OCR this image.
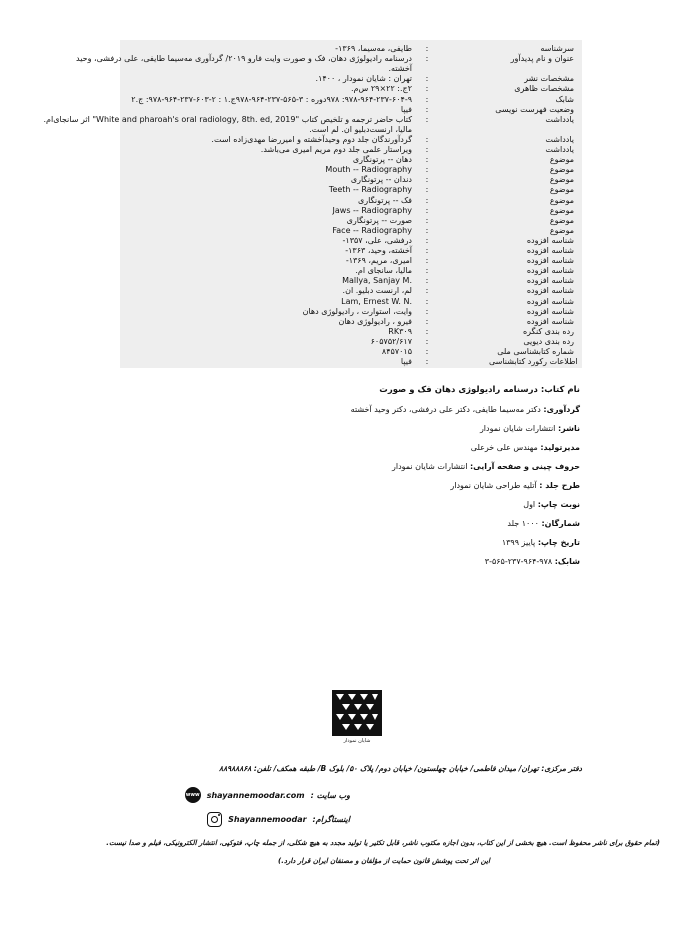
سرشناسه
:
طایفی، مه‌سیما، ۱۳۶۹-
عنوان و نام پدیدآور
:
درسنامه رادیولوژی دهان، فک و صورت وایت فارو ۲۰۱۹/ گردآوری مه‌سیما طایفی، علی درفشی، وحید
آخشته.
مشخصات نشر
:
تهران : شایان نمودار ، ۱۴۰۰.
مشخصات ظاهری
:
۲ج.: ۲۲×۲۹ س‌م.
شابک
:
۹۷۸-۹۶۴-۲۳۷-۶۰۴-۹: ۹۷۸دوره : ۳-۵۶۵-۲۳۷-۹۶۴-۹۷۸ج.۱ : ۲-۶۰۳-۲۳۷-۹۶۴-۹۷۸: ج.۲
وضعیت فهرست نویسی
:
فیپا
یادداشت
:
کتاب حاضر ترجمه و تلخیص کتاب "White and pharoah's oral radiology, 8th. ed, 2019" اثر سانجای‌ام.
مالیا، ارنست‌دبلیو ان. لم است.
یادداشت
:
گردآورندگان جلد دوم وحیدآخشته و امیررضا مهدی‌زاده است.
یادداشت
:
ویراستار علمی جلد دوم مریم امیری می‌باشد.
موضوع
:
دهان -- پرتونگاری
موضوع
:
Mouth -- Radiography
موضوع
:
دندان -- پرتونگاری
موضوع
:
Teeth -- Radiography
موضوع
:
فک -- پرتونگاری
موضوع
:
Jaws -- Radiography
موضوع
:
صورت -- پرتونگاری
موضوع
:
Face -- Radiography
شناسه افزوده
:
درفشی، علی، ۱۳۵۷-
شناسه افزوده
:
آخشته، وحید، ۱۳۶۳-
شناسه افزوده
:
امیری، مریم، ۱۳۶۹-
شناسه افزوده
:
مالیا، سانجای ام.
شناسه افزوده
:
Mallya, Sanjay M.
شناسه افزوده
:
لم، ارنست دبلیو. ان.
شناسه افزوده
:
Lam, Ernest W. N.
شناسه افزوده
:
وایت، استوارت ، رادیولوژی دهان
شناسه افزوده
:
فیرو ، رادیولوژی دهان
رده بندی کنگره
:
RK۳۰۹
رده بندی دیویی
:
۶۰۵۷۵۲/۶۱۷
شماره کتابشناسی ملی
:
۸۴۵۷۰۱۵
اطلاعات رکورد کتابشناسی
:
فیپا
نام کتاب: درسنامه رادیولوژی دهان فک و صورت
گردآوری: دکتر مه‌سیما طایفی، دکتر علی درفشی، دکتر وحید آخشته
ناشر: انتشارات شایان نمودار
مدیرتولید: مهندس علی خرعلی
حروف چینی و صفحه آرایی: انتشارات شایان نمودار
طرح جلد : آتلیه طراحی شایان نمودار
نوبت چاپ: اول
شمارگان: ۱۰۰۰ جلد
تاریخ چاپ: پاییز ۱۳۹۹
شابک: ۹۷۸-۹۶۴-۲۳۷-۵۶۵-۳
شایان نمودار
دفتر مرکزی: تهران/ میدان فاطمی/ خیابان چهلستون/ خیابان دوم/ پلاک ۵۰/ بلوک B/ طبقه همکف/ تلفن: ۸۸۹۸۸۸۶۸
وب سایت :
shayannemoodar.com
www
اینستاگرام:
Shayannemoodar
(تمام حقوق برای ناشر محفوظ است. هیچ بخشی از این کتاب، بدون اجازه مکتوب ناشر، قابل تکثیر یا تولید مجدد به هیچ شکلی، از جمله چاپ، فتوکپی، انتشار الکترونیکی، فیلم و صدا نیست.
این اثر تحت پوشش قانون حمایت از مؤلفان و مصنفان ایران قرار دارد.)
